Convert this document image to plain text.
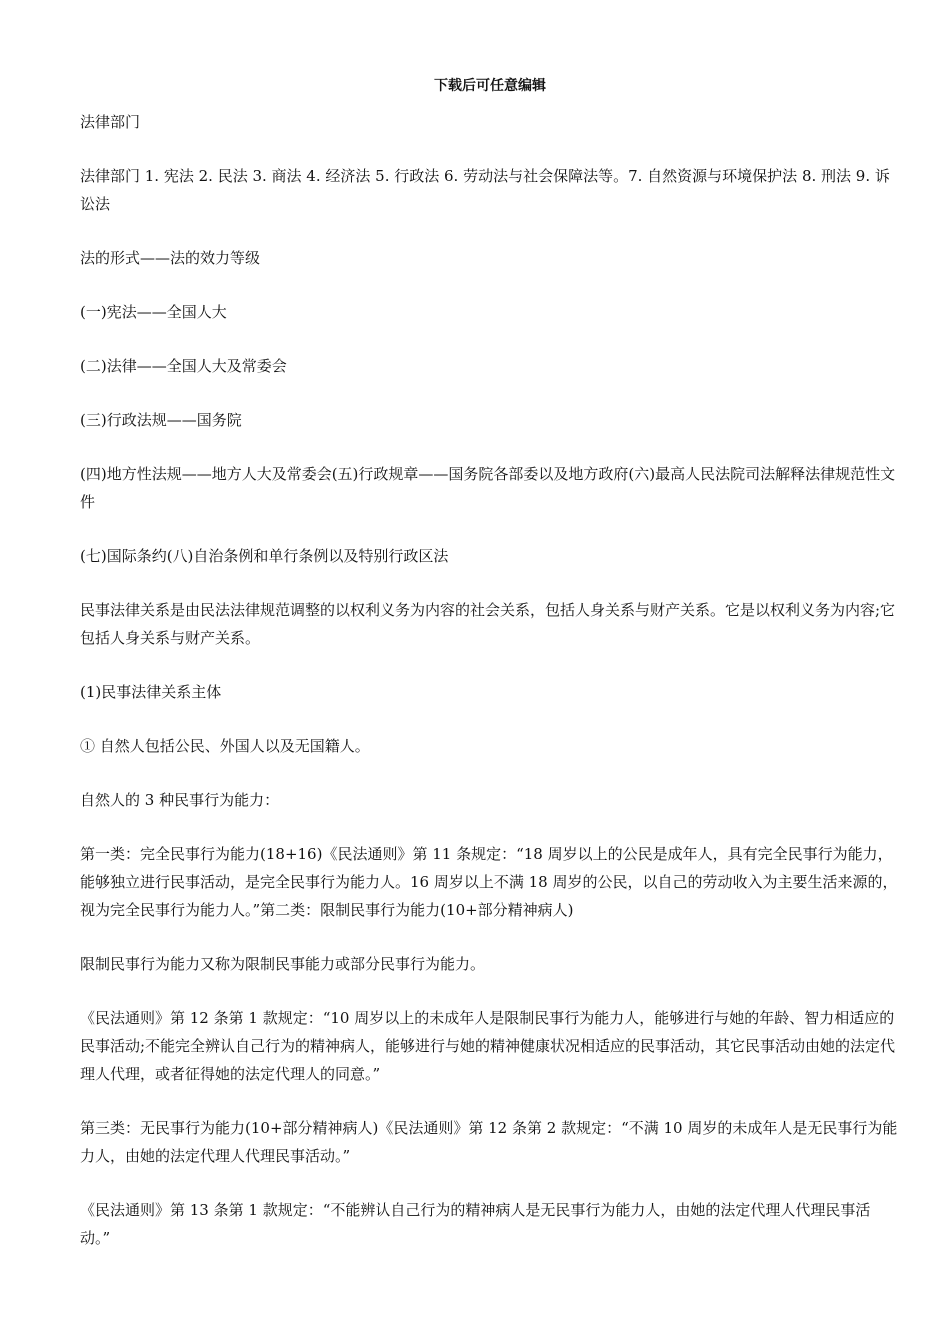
下载后可任意编辑

法律部门

法律部门 1. 宪法 2. 民法 3. 商法 4. 经济法 5. 行政法 6. 劳动法与社会保障法等。7. 自然资源与环境保护法 8. 刑法 9. 诉讼法

法的形式——法的效力等级

(一)宪法——全国人大

(二)法律——全国人大及常委会

(三)行政法规——国务院

(四)地方性法规——地方人大及常委会(五)行政规章——国务院各部委以及地方政府(六)最高人民法院司法解释法律规范性文件

(七)国际条约(八)自治条例和单行条例以及特别行政区法

民事法律关系是由民法法律规范调整的以权利义务为内容的社会关系，包括人身关系与财产关系。它是以权利义务为内容;它包括人身关系与财产关系。

(1)民事法律关系主体

① 自然人包括公民、外国人以及无国籍人。

自然人的 3 种民事行为能力：

第一类：完全民事行为能力(18+16)《民法通则》第 11 条规定：“18 周岁以上的公民是成年人，具有完全民事行为能力，能够独立进行民事活动，是完全民事行为能力人。16 周岁以上不满 18 周岁的公民，以自己的劳动收入为主要生活来源的，视为完全民事行为能力人。”第二类：限制民事行为能力(10+部分精神病人)

限制民事行为能力又称为限制民事能力或部分民事行为能力。

《民法通则》第 12 条第 1 款规定：“10 周岁以上的未成年人是限制民事行为能力人，能够进行与她的年龄、智力相适应的民事活动;不能完全辨认自己行为的精神病人，能够进行与她的精神健康状况相适应的民事活动，其它民事活动由她的法定代理人代理，或者征得她的法定代理人的同意。”

第三类：无民事行为能力(10+部分精神病人)《民法通则》第 12 条第 2 款规定：“不满 10 周岁的未成年人是无民事行为能力人，由她的法定代理人代理民事活动。”

《民法通则》第 13 条第 1 款规定：“不能辨认自己行为的精神病人是无民事行为能力人，由她的法定代理人代理民事活动。”
